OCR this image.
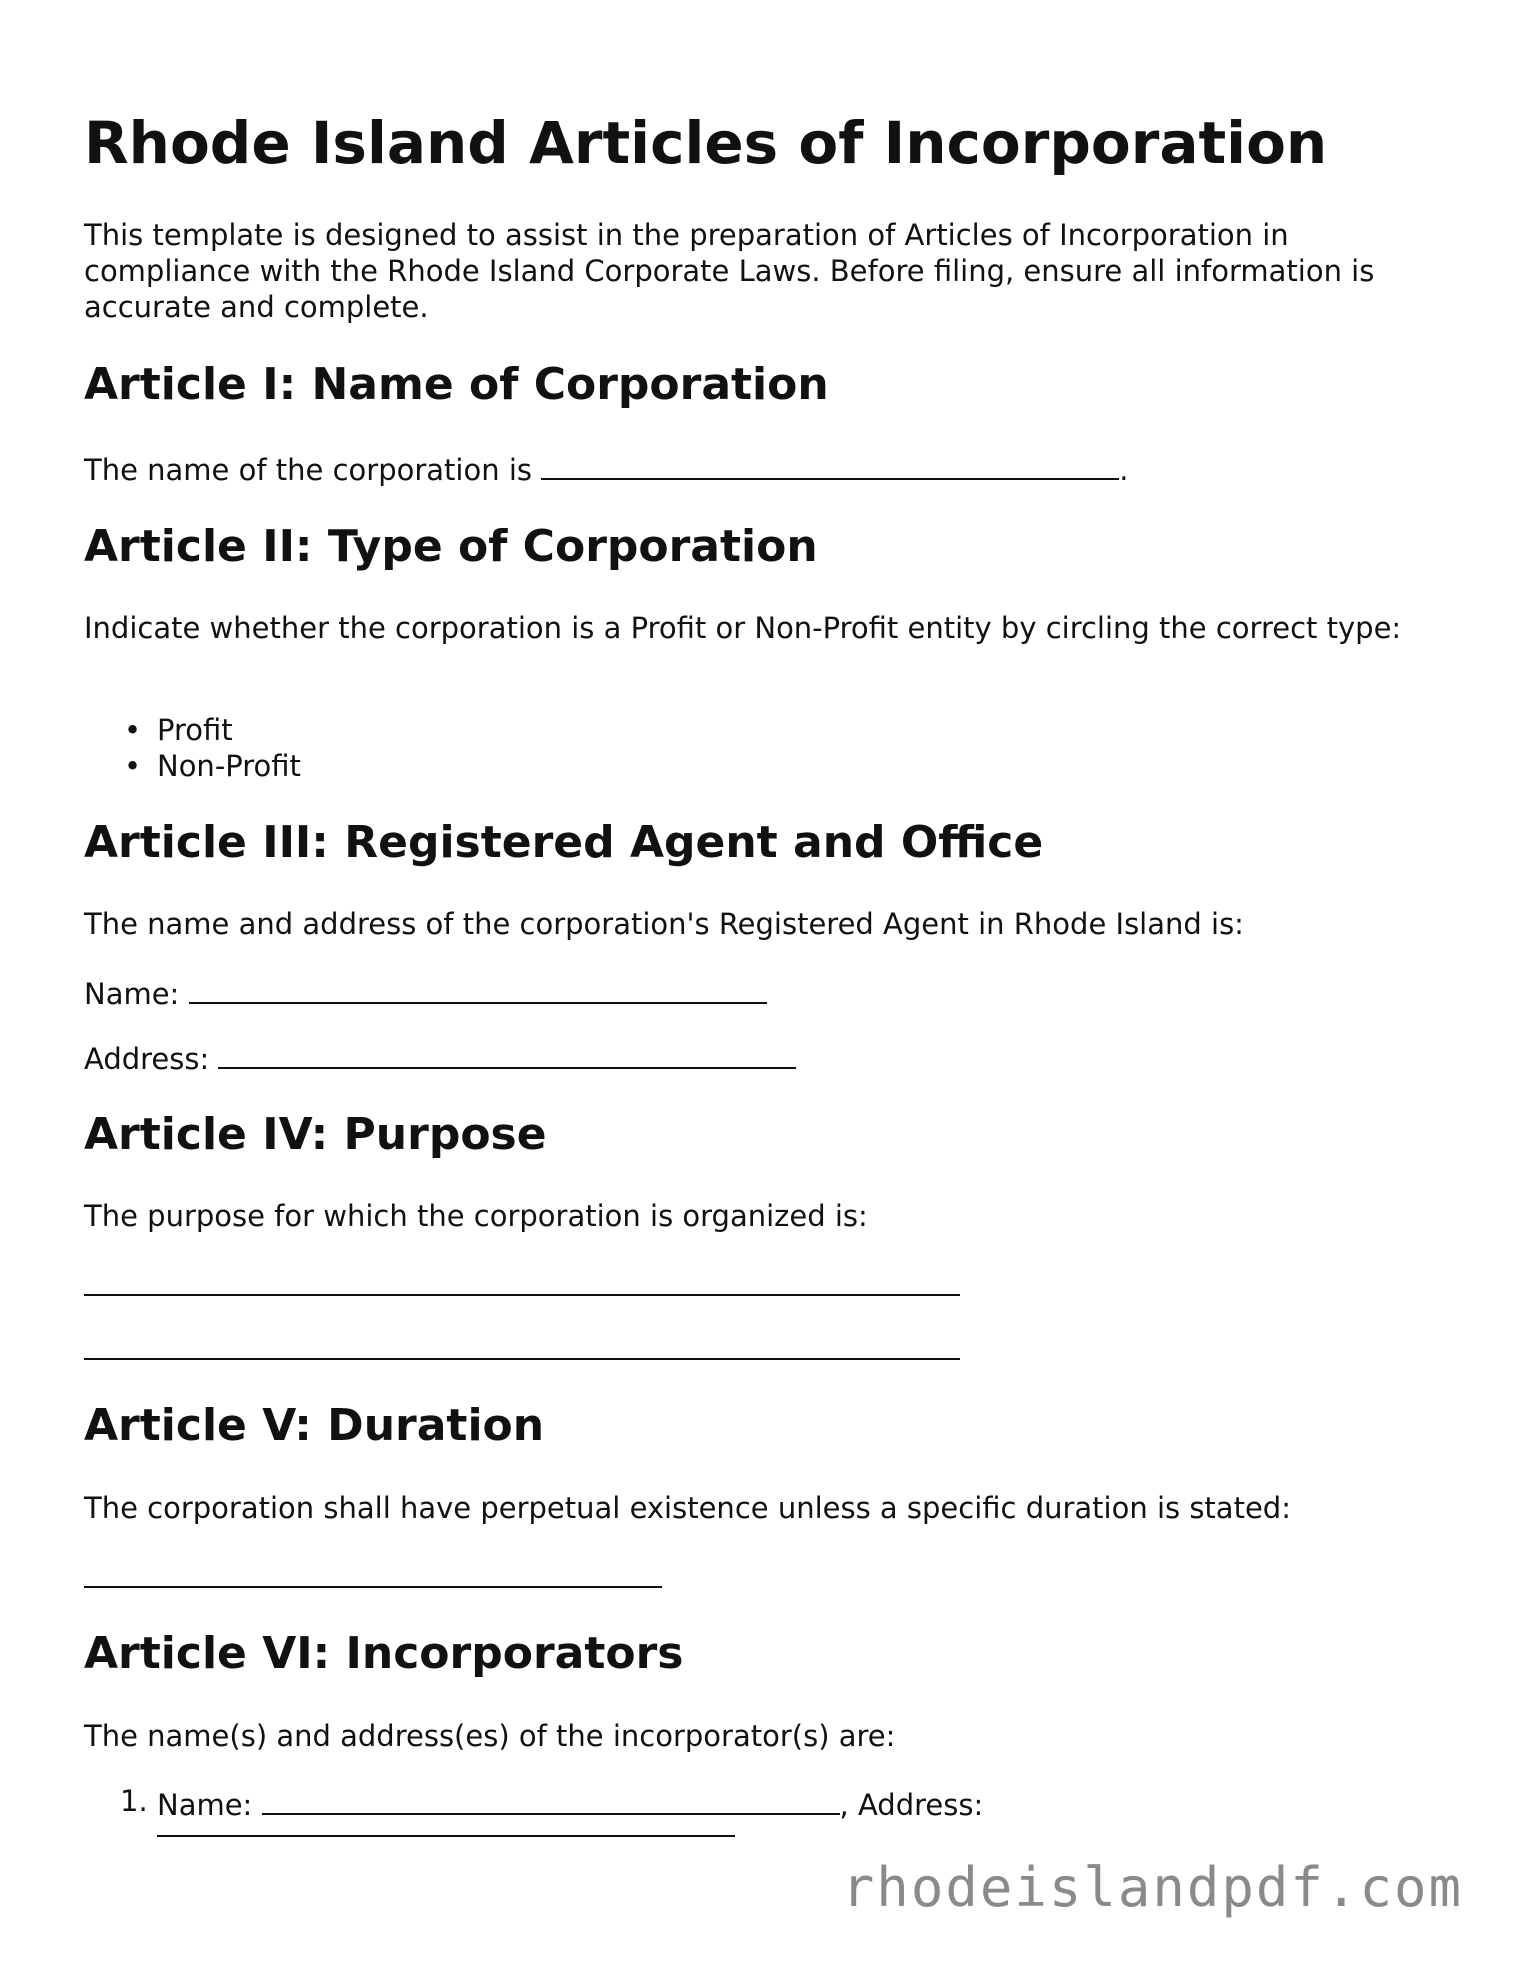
Rhode Island Articles of Incorporation

This template is designed to assist in the preparation of Articles of Incorporation in compliance with the Rhode Island Corporate Laws. Before filing, ensure all information is accurate and complete.

Article I: Name of Corporation

The name of the corporation is	.

Article II: Type of Corporation

Indicate whether the corporation is a Profit or Non-Profit entity by circling the correct type:

• Profit
• Non-Profit
Article III: Registered Agent and Office

The name and address of the corporation's Registered Agent in Rhode Island is:

Name:

Address:

Article IV: Purpose

The purpose for which the corporation is organized is:

Article V: Duration

The corporation shall have perpetual existence unless a specific duration is stated:

Article VI: Incorporators

The name(s) and address(es) of the incorporator(s) are:

1. Name:	, Address:

rhodeislandpdf.com
